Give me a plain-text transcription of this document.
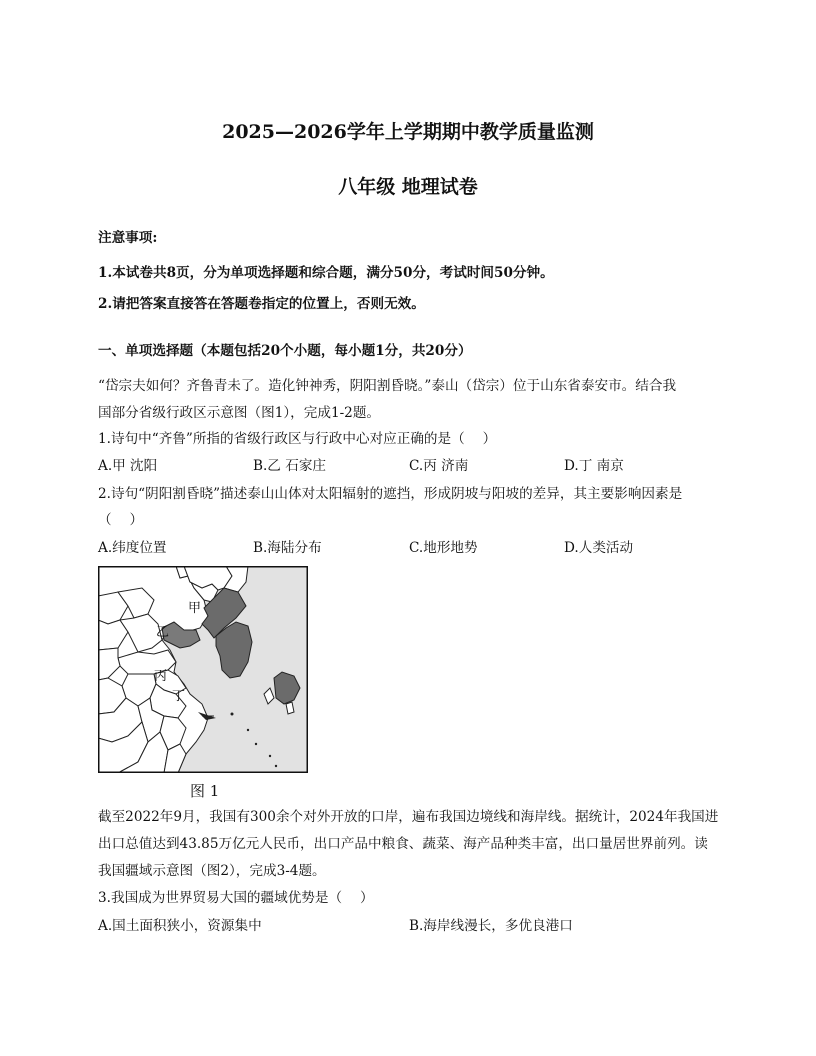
2025—2026学年上学期期中教学质量监测
八年级 地理试卷
注意事项:
1.本试卷共8页，分为单项选择题和综合题，满分50分，考试时间50分钟。
2.请把答案直接答在答题卷指定的位置上，否则无效。
一、单项选择题（本题包括20个小题，每小题1分，共20分）
“岱宗夫如何？齐鲁青未了。造化钟神秀，阴阳割昏晓。”泰山（岱宗）位于山东省泰安市。结合我
国部分省级行政区示意图（图1），完成1-2题。
1.诗句中“齐鲁”所指的省级行政区与行政中心对应正确的是（　 ）
A.甲 沈阳	B.乙 石家庄	C.丙 济南	D.丁 南京
2.诗句“阴阳割昏晓”描述泰山山体对太阳辐射的遮挡，形成阴坡与阳坡的差异，其主要影响因素是
（　 ）
A.纬度位置	B.海陆分布	C.地形地势	D.人类活动
甲
乙
丙
丁
图 1
截至2022年9月，我国有300余个对外开放的口岸，遍布我国边境线和海岸线。据统计，2024年我国进
出口总值达到43.85万亿元人民币，出口产品中粮食、蔬菜、海产品种类丰富，出口量居世界前列。读
我国疆域示意图（图2），完成3-4题。
3.我国成为世界贸易大国的疆域优势是（　 ）
A.国土面积狭小，资源集中	B.海岸线漫长，多优良港口
